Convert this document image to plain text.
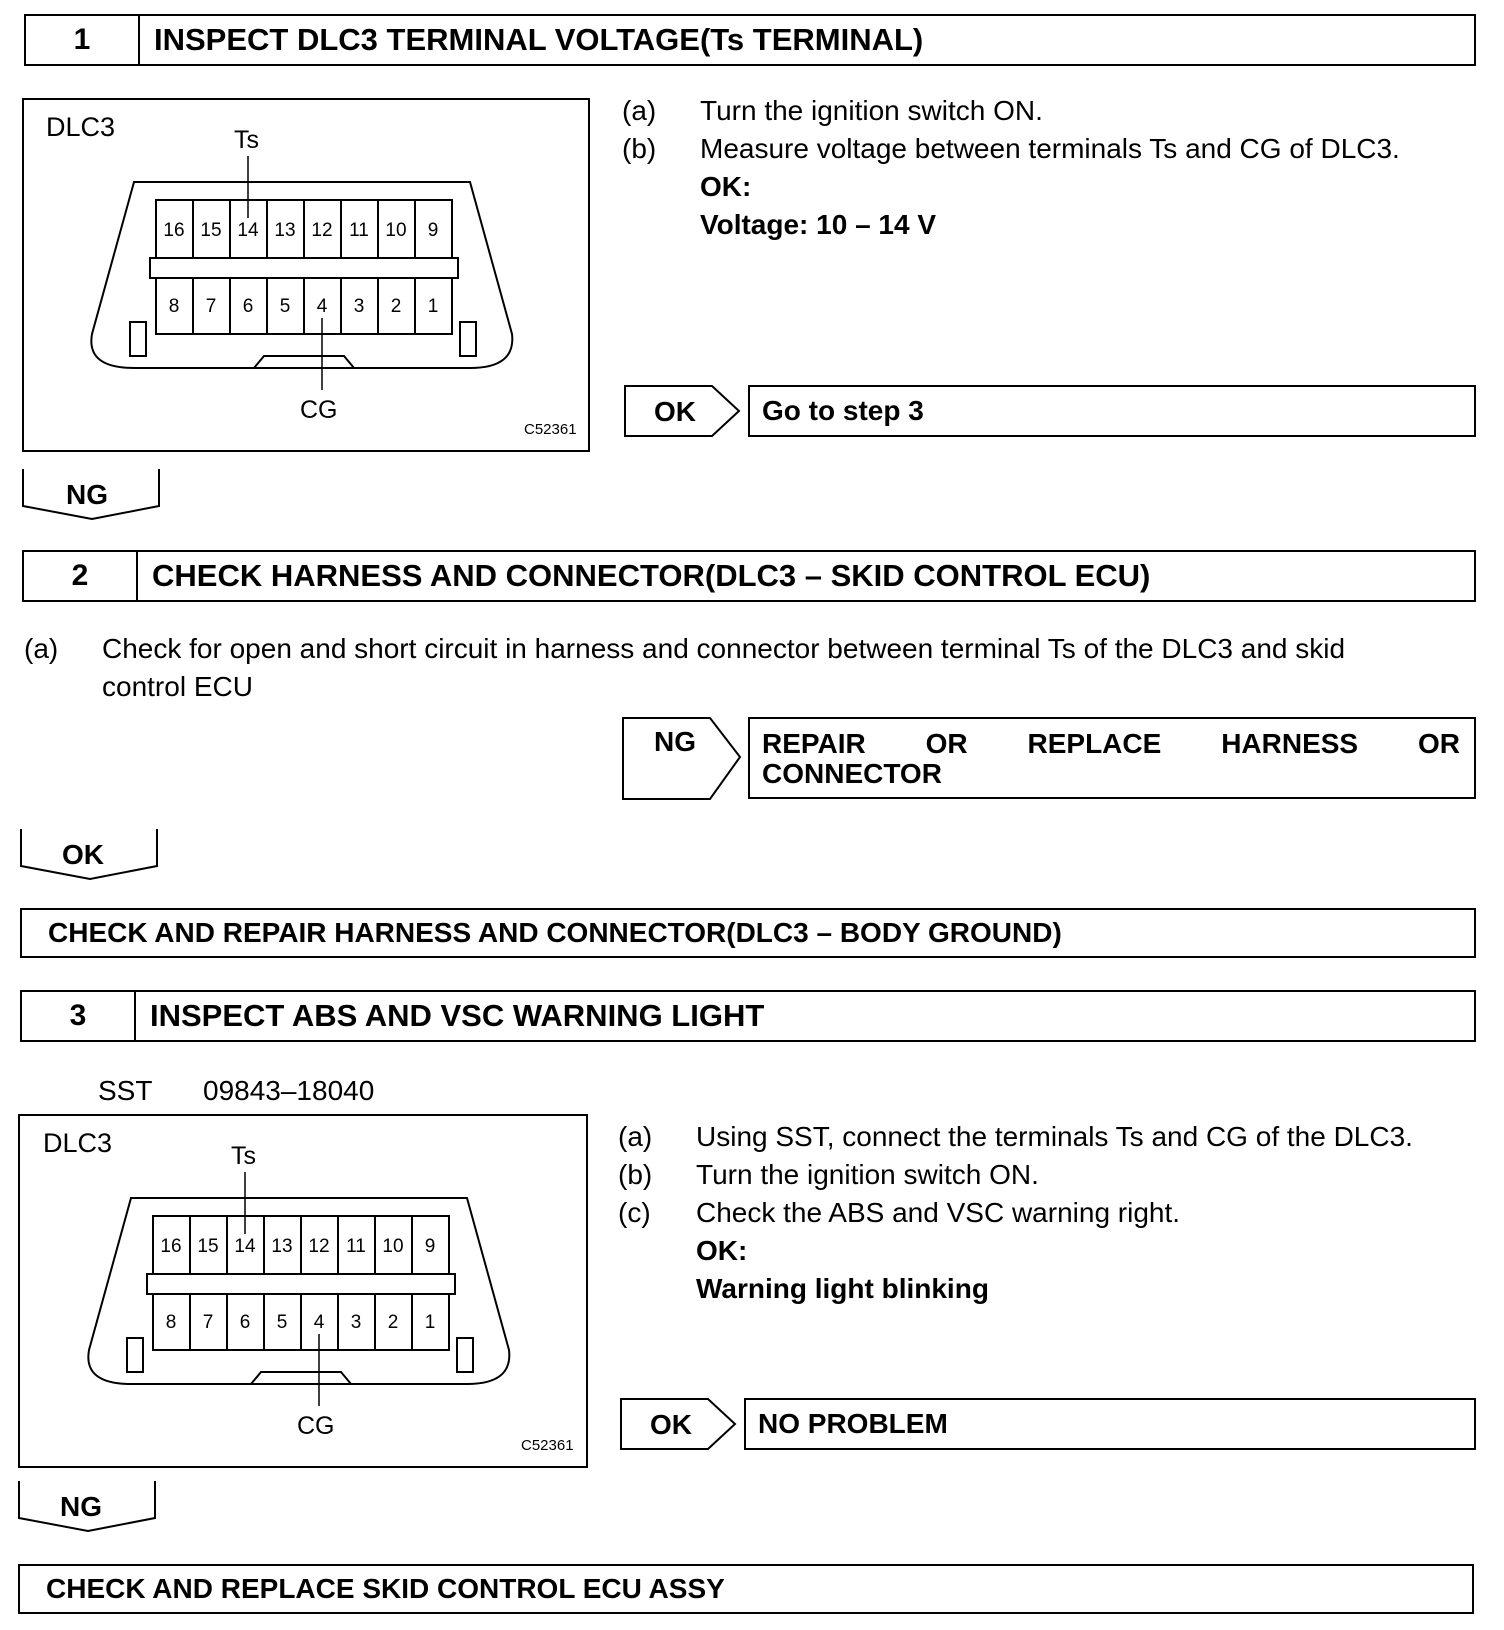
1	INSPECT DLC3 TERMINAL VOLTAGE(Ts TERMINAL)
DLC3	Ts
CG
C52361
16 15 14 13 12 11 10 9
8 7 6 5 4 3 2 1
(a)	Turn the ignition switch ON.
(b)	Measure voltage between terminals Ts and CG of DLC3.
OK:
Voltage: 10 – 14 V
OK Go to step 3
NG
2	CHECK HARNESS AND CONNECTOR(DLC3 – SKID CONTROL ECU)
(a)	Check for open and short circuit in harness and connector between terminal Ts of the DLC3 and skid
control ECU
NG REPAIR OR REPLACE HARNESS OR
CONNECTOR
OK
CHECK AND REPAIR HARNESS AND CONNECTOR(DLC3 – BODY GROUND)
3	INSPECT ABS AND VSC WARNING LIGHT
SST 09843–18040
DLC3	Ts
CG
C52361
16 15 14 13 12 11 10 9
8 7 6 5 4 3 2 1
(a)	Using SST, connect the terminals Ts and CG of the DLC3.
(b)	Turn the ignition switch ON.
(c)	Check the ABS and VSC warning right.
OK:
Warning light blinking
OK NO PROBLEM
NG
CHECK AND REPLACE SKID CONTROL ECU ASSY
